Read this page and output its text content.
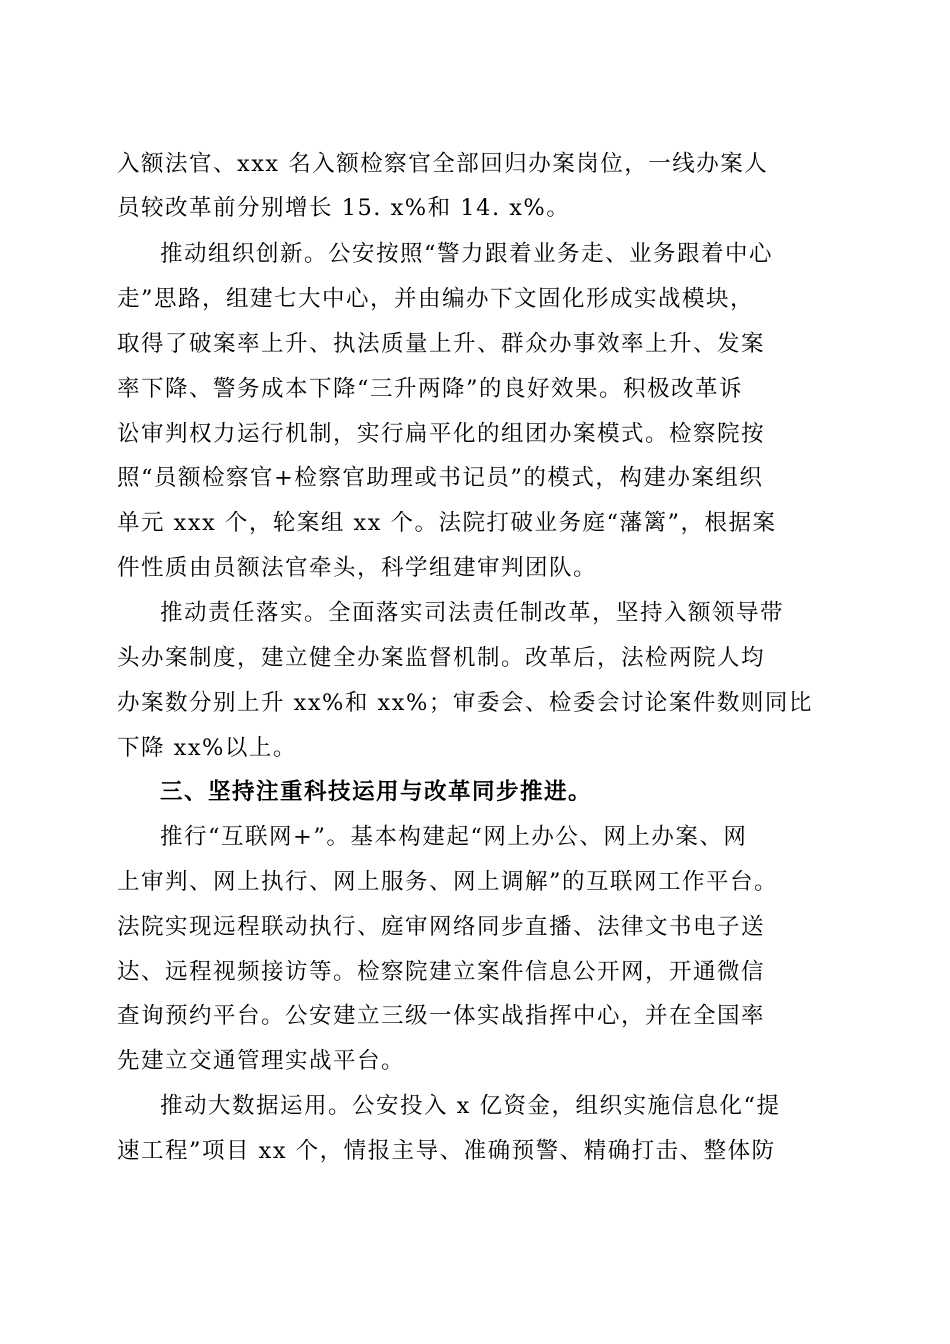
入额法官、xxx 名入额检察官全部回归办案岗位，一线办案人
员较改革前分别增长 15. x%和 14. x%。
推动组织创新。公安按照“警力跟着业务走、业务跟着中心
走”思路，组建七大中心，并由编办下文固化形成实战模块，
取得了破案率上升、执法质量上升、群众办事效率上升、发案
率下降、警务成本下降“三升两降”的良好效果。积极改革诉
讼审判权力运行机制，实行扁平化的组团办案模式。检察院按
照“员额检察官+检察官助理或书记员”的模式，构建办案组织
单元 xxx 个，轮案组 xx 个。法院打破业务庭“藩篱”，根据案
件性质由员额法官牵头，科学组建审判团队。
推动责任落实。全面落实司法责任制改革，坚持入额领导带
头办案制度，建立健全办案监督机制。改革后，法检两院人均
办案数分别上升 xx%和 xx%；审委会、检委会讨论案件数则同比
下降 xx%以上。
三、坚持注重科技运用与改革同步推进。
推行“互联网+”。基本构建起“网上办公、网上办案、网
上审判、网上执行、网上服务、网上调解”的互联网工作平台。
法院实现远程联动执行、庭审网络同步直播、法律文书电子送
达、远程视频接访等。检察院建立案件信息公开网，开通微信
查询预约平台。公安建立三级一体实战指挥中心，并在全国率
先建立交通管理实战平台。
推动大数据运用。公安投入 x 亿资金，组织实施信息化“提
速工程”项目 xx 个，情报主导、准确预警、精确打击、整体防
